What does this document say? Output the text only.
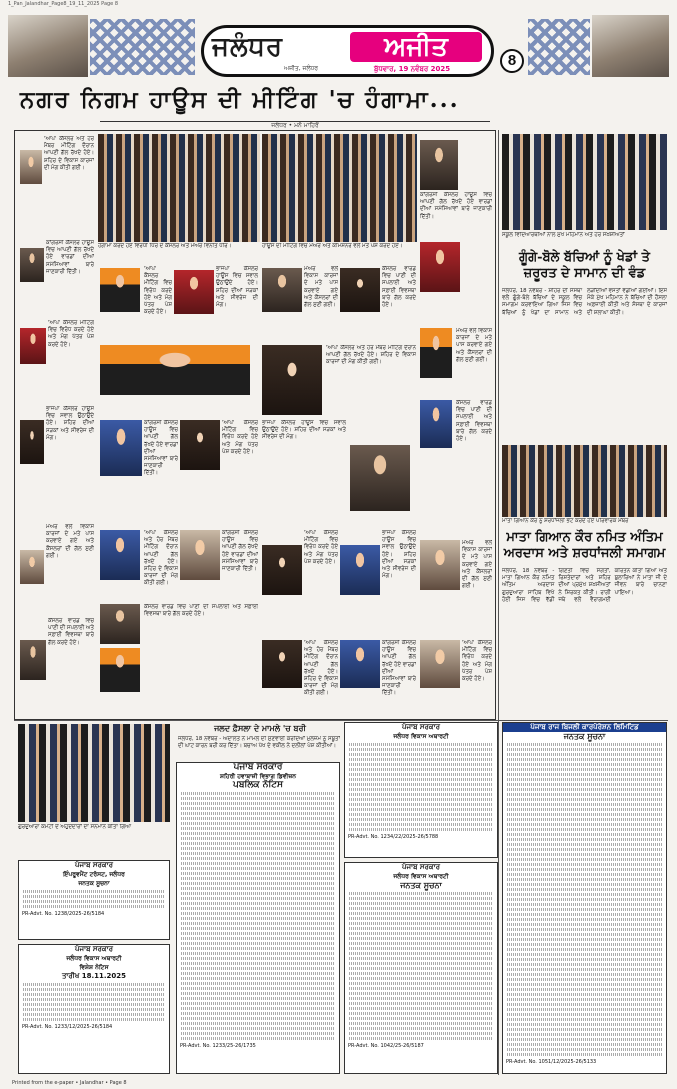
1_Pan_Jalandhar_Page8_19_11_2025 Page 8
ਜਲੰਧਰ	ਅਜੀਤ
ਅਜੀਤ, ਜਲੰਧਰ	ਬੁੱਧਵਾਰ, 19 ਨਵੰਬਰ 2025	8
ਨਗਰ ਨਿਗਮ ਹਾਊਸ ਦੀ ਮੀਟਿੰਗ 'ਚ ਹੰਗਾਮਾ...
ਜਲੰਧਰ • ਮਨੋ ਮਾਹਿਰੋਂ
'ਆਪ' ਕੌਂਸਲਰ ਅਤੇ ਹੋਰ ਮੈਂਬਰ ਮੀਟਿੰਗ ਦੌਰਾਨ ਆਪਣੀ ਗੱਲ ਰੱਖਦੇ ਹੋਏ। ਸ਼ਹਿਰ ਦੇ ਵਿਕਾਸ ਕਾਰਜਾਂ ਦੀ ਮੰਗ ਕੀਤੀ ਗਈ।
ਕਾਂਗਰਸੀ ਕੌਂਸਲਰ ਹਾਊਸ ਵਿਚ ਆਪਣੀ ਗੱਲ ਰੱਖਦੇ ਹੋਏ ਵਾਰਡਾਂ ਦੀਆਂ ਸਮੱਸਿਆਵਾਂ ਬਾਰੇ ਜਾਣਕਾਰੀ ਦਿੱਤੀ।
'ਆਪ' ਕੌਂਸਲਰ ਮੀਟਿੰਗ ਵਿਚ ਵਿਰੋਧ ਕਰਦੇ ਹੋਏ ਅਤੇ ਮੰਗ ਪੱਤਰ ਪੇਸ਼ ਕਰਦੇ ਹੋਏ।
ਭਾਜਪਾ ਕੌਂਸਲਰ ਹਾਊਸ ਵਿਚ ਸਵਾਲ ਉਠਾਉਂਦੇ ਹੋਏ। ਸ਼ਹਿਰ ਦੀਆਂ ਸੜਕਾਂ ਅਤੇ ਸੀਵਰੇਜ ਦੀ ਮੰਗ।
ਮੇਅਰ ਵਲੋਂ ਵਿਕਾਸ ਕਾਰਜਾਂ ਦੇ ਮਤੇ ਪਾਸ ਕਰਵਾਏ ਗਏ ਅਤੇ ਕੌਂਸਲਰਾਂ ਦੀ ਗੱਲ ਸੁਣੀ ਗਈ।
ਕੌਂਸਲਰ ਵਾਰਡ ਵਿਚ ਪਾਣੀ ਦੀ ਸਪਲਾਈ ਅਤੇ ਸਫ਼ਾਈ ਵਿਵਸਥਾ ਬਾਰੇ ਗੱਲ ਕਰਦੇ ਹੋਏ।
ਹੰਗਾਮਾ ਕਰਦੇ ਹੋਏ ਵਿਰੋਧੀ ਧਿਰ ਦੇ ਕੌਂਸਲਰ ਅਤੇ ਮੇਅਰ ਵਿਨੀਤ ਧੀਰ।	ਹਾਊਸ ਦੀ ਮੀਟਿੰਗ ਵਿਚ ਮੇਅਰ ਅਤੇ ਕਮਿਸ਼ਨਰ ਵਲੋਂ ਮਤੇ ਪੇਸ਼ ਕਰਦੇ ਹੋਏ।
ਕਾਂਗਰਸੀ ਕੌਂਸਲਰ ਹਾਊਸ ਵਿਚ ਆਪਣੀ ਗੱਲ ਰੱਖਦੇ ਹੋਏ ਵਾਰਡਾਂ ਦੀਆਂ ਸਮੱਸਿਆਵਾਂ ਬਾਰੇ ਜਾਣਕਾਰੀ ਦਿੱਤੀ।
'ਆਪ' ਕੌਂਸਲਰ ਮੀਟਿੰਗ ਵਿਚ ਵਿਰੋਧ ਕਰਦੇ ਹੋਏ ਅਤੇ ਮੰਗ ਪੱਤਰ ਪੇਸ਼ ਕਰਦੇ ਹੋਏ।
ਭਾਜਪਾ ਕੌਂਸਲਰ ਹਾਊਸ ਵਿਚ ਸਵਾਲ ਉਠਾਉਂਦੇ ਹੋਏ। ਸ਼ਹਿਰ ਦੀਆਂ ਸੜਕਾਂ ਅਤੇ ਸੀਵਰੇਜ ਦੀ ਮੰਗ।
ਮੇਅਰ ਵਲੋਂ ਵਿਕਾਸ ਕਾਰਜਾਂ ਦੇ ਮਤੇ ਪਾਸ ਕਰਵਾਏ ਗਏ ਅਤੇ ਕੌਂਸਲਰਾਂ ਦੀ ਗੱਲ ਸੁਣੀ ਗਈ।
ਕੌਂਸਲਰ ਵਾਰਡ ਵਿਚ ਪਾਣੀ ਦੀ ਸਪਲਾਈ ਅਤੇ ਸਫ਼ਾਈ ਵਿਵਸਥਾ ਬਾਰੇ ਗੱਲ ਕਰਦੇ ਹੋਏ।
'ਆਪ' ਕੌਂਸਲਰ ਅਤੇ ਹੋਰ ਮੈਂਬਰ ਮੀਟਿੰਗ ਦੌਰਾਨ ਆਪਣੀ ਗੱਲ ਰੱਖਦੇ ਹੋਏ। ਸ਼ਹਿਰ ਦੇ ਵਿਕਾਸ ਕਾਰਜਾਂ ਦੀ ਮੰਗ ਕੀਤੀ ਗਈ।
ਕਾਂਗਰਸੀ ਕੌਂਸਲਰ ਹਾਊਸ ਵਿਚ ਆਪਣੀ ਗੱਲ ਰੱਖਦੇ ਹੋਏ ਵਾਰਡਾਂ ਦੀਆਂ ਸਮੱਸਿਆਵਾਂ ਬਾਰੇ ਜਾਣਕਾਰੀ ਦਿੱਤੀ।
'ਆਪ' ਕੌਂਸਲਰ ਮੀਟਿੰਗ ਵਿਚ ਵਿਰੋਧ ਕਰਦੇ ਹੋਏ ਅਤੇ ਮੰਗ ਪੱਤਰ ਪੇਸ਼ ਕਰਦੇ ਹੋਏ।
ਭਾਜਪਾ ਕੌਂਸਲਰ ਹਾਊਸ ਵਿਚ ਸਵਾਲ ਉਠਾਉਂਦੇ ਹੋਏ। ਸ਼ਹਿਰ ਦੀਆਂ ਸੜਕਾਂ ਅਤੇ ਸੀਵਰੇਜ ਦੀ ਮੰਗ।
ਮੇਅਰ ਵਲੋਂ ਵਿਕਾਸ ਕਾਰਜਾਂ ਦੇ ਮਤੇ ਪਾਸ ਕਰਵਾਏ ਗਏ ਅਤੇ ਕੌਂਸਲਰਾਂ ਦੀ ਗੱਲ ਸੁਣੀ ਗਈ।
ਕੌਂਸਲਰ ਵਾਰਡ ਵਿਚ ਪਾਣੀ ਦੀ ਸਪਲਾਈ ਅਤੇ ਸਫ਼ਾਈ ਵਿਵਸਥਾ ਬਾਰੇ ਗੱਲ ਕਰਦੇ ਹੋਏ।
'ਆਪ' ਕੌਂਸਲਰ ਅਤੇ ਹੋਰ ਮੈਂਬਰ ਮੀਟਿੰਗ ਦੌਰਾਨ ਆਪਣੀ ਗੱਲ ਰੱਖਦੇ ਹੋਏ। ਸ਼ਹਿਰ ਦੇ ਵਿਕਾਸ ਕਾਰਜਾਂ ਦੀ ਮੰਗ ਕੀਤੀ ਗਈ।
ਕਾਂਗਰਸੀ ਕੌਂਸਲਰ ਹਾਊਸ ਵਿਚ ਆਪਣੀ ਗੱਲ ਰੱਖਦੇ ਹੋਏ ਵਾਰਡਾਂ ਦੀਆਂ ਸਮੱਸਿਆਵਾਂ ਬਾਰੇ ਜਾਣਕਾਰੀ ਦਿੱਤੀ।
'ਆਪ' ਕੌਂਸਲਰ ਮੀਟਿੰਗ ਵਿਚ ਵਿਰੋਧ ਕਰਦੇ ਹੋਏ ਅਤੇ ਮੰਗ ਪੱਤਰ ਪੇਸ਼ ਕਰਦੇ ਹੋਏ।
ਭਾਜਪਾ ਕੌਂਸਲਰ ਹਾਊਸ ਵਿਚ ਸਵਾਲ ਉਠਾਉਂਦੇ ਹੋਏ। ਸ਼ਹਿਰ ਦੀਆਂ ਸੜਕਾਂ ਅਤੇ ਸੀਵਰੇਜ ਦੀ ਮੰਗ।
ਮੇਅਰ ਵਲੋਂ ਵਿਕਾਸ ਕਾਰਜਾਂ ਦੇ ਮਤੇ ਪਾਸ ਕਰਵਾਏ ਗਏ ਅਤੇ ਕੌਂਸਲਰਾਂ ਦੀ ਗੱਲ ਸੁਣੀ ਗਈ।
ਕੌਂਸਲਰ ਵਾਰਡ ਵਿਚ ਪਾਣੀ ਦੀ ਸਪਲਾਈ ਅਤੇ ਸਫ਼ਾਈ ਵਿਵਸਥਾ ਬਾਰੇ ਗੱਲ ਕਰਦੇ ਹੋਏ।
'ਆਪ' ਕੌਂਸਲਰ ਅਤੇ ਹੋਰ ਮੈਂਬਰ ਮੀਟਿੰਗ ਦੌਰਾਨ ਆਪਣੀ ਗੱਲ ਰੱਖਦੇ ਹੋਏ। ਸ਼ਹਿਰ ਦੇ ਵਿਕਾਸ ਕਾਰਜਾਂ ਦੀ ਮੰਗ ਕੀਤੀ ਗਈ।
ਕਾਂਗਰਸੀ ਕੌਂਸਲਰ ਹਾਊਸ ਵਿਚ ਆਪਣੀ ਗੱਲ ਰੱਖਦੇ ਹੋਏ ਵਾਰਡਾਂ ਦੀਆਂ ਸਮੱਸਿਆਵਾਂ ਬਾਰੇ ਜਾਣਕਾਰੀ ਦਿੱਤੀ।
'ਆਪ' ਕੌਂਸਲਰ ਮੀਟਿੰਗ ਵਿਚ ਵਿਰੋਧ ਕਰਦੇ ਹੋਏ ਅਤੇ ਮੰਗ ਪੱਤਰ ਪੇਸ਼ ਕਰਦੇ ਹੋਏ।
ਸਕੂਲ ਵਿਦਿਆਰਥੀਆਂ ਨਾਲ ਮੁੱਖ ਮਹਿਮਾਨ ਅਤੇ ਹੋਰ ਸਖ਼ਸ਼ੀਅਤਾਂ
ਗੂੰਗੇ-ਬੋਲੇ ਬੱਚਿਆਂ ਨੂੰ ਖੇਡਾਂ ਤੇ ਜ਼ਰੂਰਤ ਦੇ ਸਾਮਾਨ ਦੀ ਵੰਡ
ਜਲੰਧਰ, 18 ਨਵੰਬਰ - ਸ਼ਹਿਰ ਦੀ ਸੰਸਥਾ ਵਲੋਂ ਗੂੰਗੇ-ਬੋਲੇ ਬੱਚਿਆਂ ਦੇ ਸਕੂਲ ਵਿਚ ਸਮਾਗਮ ਕਰਵਾਇਆ ਗਿਆ ਜਿਸ ਵਿਚ ਬੱਚਿਆਂ ਨੂੰ ਖੇਡਾਂ ਦਾ ਸਾਮਾਨ ਅਤੇ ਲੋੜੀਂਦੀਆਂ ਵਸਤਾਂ ਵੰਡੀਆਂ ਗਈਆਂ। ਇਸ ਮੌਕੇ ਮੁੱਖ ਮਹਿਮਾਨ ਨੇ ਬੱਚਿਆਂ ਦੀ ਹੌਸਲਾ ਅਫ਼ਜ਼ਾਈ ਕੀਤੀ ਅਤੇ ਸੰਸਥਾ ਦੇ ਕਾਰਜਾਂ ਦੀ ਸ਼ਲਾਘਾ ਕੀਤੀ।
ਮਾਤਾ ਗਿਆਨ ਕੌਰ ਨੂੰ ਸ਼ਰਧਾਂਜਲੀ ਭੇਟ ਕਰਦੇ ਹੋਏ ਪਰਿਵਾਰਕ ਮੈਂਬਰ
ਮਾਤਾ ਗਿਆਨ ਕੌਰ ਨਮਿਤ ਅੰਤਿਮ ਅਰਦਾਸ ਅਤੇ ਸ਼ਰਧਾਂਜਲੀ ਸਮਾਗਮ
ਜਲੰਧਰ, 18 ਨਵੰਬਰ - ਮਾਤਾ ਗਿਆਨ ਕੌਰ ਨਮਿਤ ਅੰਤਿਮ ਅਰਦਾਸ ਗੁਰਦੁਆਰਾ ਸਾਹਿਬ ਵਿਖੇ ਹੋਈ ਜਿਸ ਵਿਚ ਵੱਡੀ ਗਿਣਤੀ ਵਿਚ ਸੰਗਤਾਂ, ਰਿਸ਼ਤੇਦਾਰਾਂ ਅਤੇ ਸ਼ਹਿਰ ਦੀਆਂ ਪ੍ਰਮੁੱਖ ਸ਼ਖ਼ਸੀਅਤਾਂ ਨੇ ਸ਼ਿਰਕਤ ਕੀਤੀ। ਰਾਗੀ ਜਥੇ ਵਲੋਂ ਵੈਰਾਗਮਈ ਕੀਰਤਨ ਕੀਤਾ ਗਿਆ ਅਤੇ ਬੁਲਾਰਿਆਂ ਨੇ ਮਾਤਾ ਜੀ ਦੇ ਜੀਵਨ ਬਾਰੇ ਚਾਨਣਾ ਪਾਇਆ।
ਜਲਦ ਫ਼ੈਸਲਾ ਦੇ ਮਾਮਲੇ 'ਚ ਬਰੀ
ਗੁਰਦੁਆਰਾ ਕਮੇਟੀ ਦੇ ਅਹੁਦੇਦਾਰਾਂ ਦਾ ਸਨਮਾਨ ਕੀਤਾ ਗਿਆ
ਜਲੰਧਰ, 18 ਨਵੰਬਰ - ਅਦਾਲਤ ਨੇ ਮਾਮਲੇ ਦੀ ਸੁਣਵਾਈ ਕਰਦਿਆਂ ਮੁਲਜ਼ਮ ਨੂੰ ਸਬੂਤਾਂ ਦੀ ਘਾਟ ਕਾਰਨ ਬਰੀ ਕਰ ਦਿੱਤਾ। ਬਚਾਅ ਪੱਖ ਦੇ ਵਕੀਲ ਨੇ ਦਲੀਲਾਂ ਪੇਸ਼ ਕੀਤੀਆਂ।
ਪੰਜਾਬ ਸਰਕਾਰ
ਇੰਪਰੂਵਮੈਂਟ ਟਰੱਸਟ, ਜਲੰਧਰ
ਜਨਤਕ ਸੂਚਨਾ
PR-Advt. No. 1238/2025-26/5184
ਪੰਜਾਬ ਸਰਕਾਰ
ਜਲੰਧਰ ਵਿਕਾਸ ਅਥਾਰਟੀ
ਵਿਸ਼ੇਸ਼ ਨੋਟਿਸ
ਤਾਰੀਖ 18.11.2025
PR-Advt. No. 1233/12/2025-26/5184
ਪੰਜਾਬ ਸਰਕਾਰ
ਸ਼ਹਿਰੀ ਹਵਾਬਾਜ਼ੀ ਵਿਭਾਗ ਡਿਵੀਜ਼ਨ
ਪਬਲਿਕ ਨੋਟਿਸ
PR-Advt. No. 1233/25-26/1735
ਪੰਜਾਬ ਸਰਕਾਰ
ਜਲੰਧਰ ਵਿਕਾਸ ਅਥਾਰਟੀ
PR-Advt. No. 1234/22/2025-26/5788
ਪੰਜਾਬ ਸਰਕਾਰ
ਜਲੰਧਰ ਵਿਕਾਸ ਅਥਾਰਟੀ
ਜਨਤਕ ਸੂਚਨਾ
PR-Advt. No. 1042/25-26/5187
ਪੰਜਾਬ ਰਾਜ ਬਿਜਲੀ ਕਾਰਪੋਰੇਸ਼ਨ ਲਿਮਿਟਿਡ
ਜਨਤਕ ਸੂਚਨਾ
PR-Advt. No. 1051/12/2025-26/5133
Printed from the e-paper • Jalandhar • Page 8
